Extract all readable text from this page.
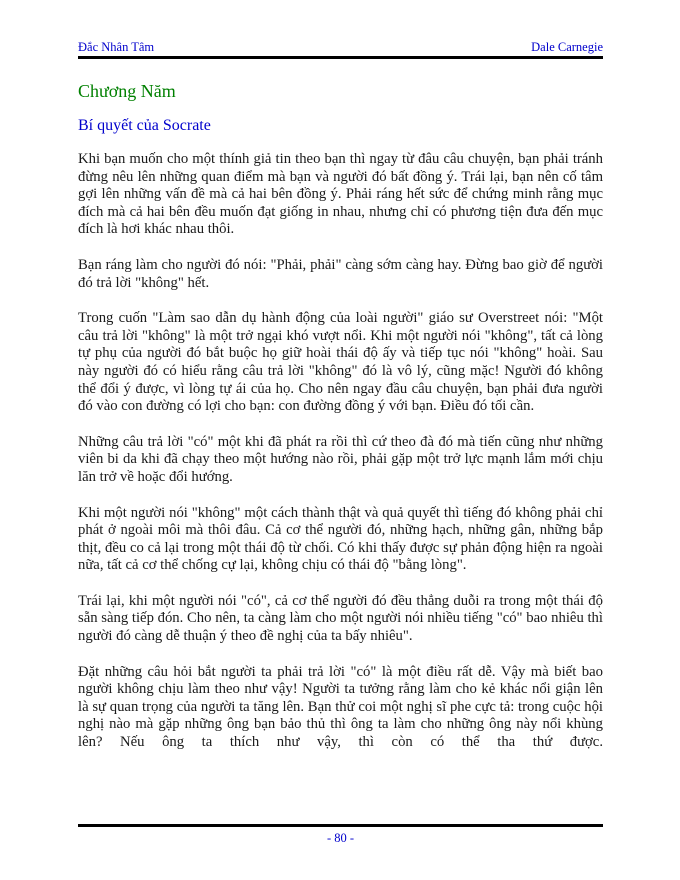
Đắc Nhân Tâm	Dale Carnegie
Chương Năm
Bí quyết của Socrate

Khi bạn muốn cho một thính giả tin theo bạn thì ngay từ đâu câu chuyện, bạn phải tránh đừng nêu lên những quan điểm mà bạn và người đó bất đồng ý. Trái lại, bạn nên cố tâm gợi lên những vấn đề mà cả hai bên đồng ý. Phải ráng hết sức để chứng minh rằng mục đích mà cả hai bên đều muốn đạt giống in nhau, nhưng chỉ có phương tiện đưa đến mục đích là hơi khác nhau thôi.

Bạn ráng làm cho người đó nói: "Phải, phải" càng sớm càng hay. Đừng bao giờ để người đó trả lời "không" hết.

Trong cuốn "Làm sao dẫn dụ hành động của loài người" giáo sư Overstreet nói: "Một câu trả lời "không" là một trở ngại khó vượt nổi. Khi một người nói "không", tất cả lòng tự phụ của người đó bắt buộc họ giữ hoài thái độ ấy và tiếp tục nói "không" hoài. Sau này người đó có hiểu rằng câu trả lời "không" đó là vô lý, cũng mặc! Người đó không thể đổi ý được, vì lòng tự ái của họ. Cho nên ngay đầu câu chuyện, bạn phải đưa người đó vào con đường có lợi cho bạn: con đường đồng ý với bạn. Điều đó tối cần.

Những câu trả lời "có" một khi đã phát ra rồi thì cứ theo đà đó mà tiến cũng như những viên bi da khi đã chạy theo một hướng nào rồi, phải gặp một trở lực mạnh lắm mới chịu lăn trở về hoặc đổi hướng.

Khi một người nói "không" một cách thành thật và quả quyết thì tiếng đó không phải chỉ phát ở ngoài môi mà thôi đâu. Cả cơ thể người đó, những hạch, những gân, những bắp thịt, đều co cả lại trong một thái độ từ chối. Có khi thấy được sự phản động hiện ra ngoài nữa, tất cả cơ thể chống cự lại, không chịu có thái độ "bằng lòng".

Trái lại, khi một người nói "có", cả cơ thể người đó đều thẳng duỗi ra trong một thái độ sẵn sàng tiếp đón. Cho nên, ta càng làm cho một người nói nhiều tiếng "có" bao nhiêu thì người đó càng dễ thuận ý theo đề nghị của ta bấy nhiêu".

Đặt những câu hỏi bắt người ta phải trả lời "có" là một điều rất dễ. Vậy mà biết bao người không chịu làm theo như vậy! Người ta tưởng rằng làm cho kẻ khác nổi giận lên là sự quan trọng của người ta tăng lên. Bạn thử coi một nghị sĩ phe cực tả: trong cuộc hội nghị nào mà gặp những ông bạn bảo thủ thì ông ta làm cho những ông này nổi khùng lên? Nếu ông ta thích như vậy, thì còn có thể tha thứ được.

- 80 -
